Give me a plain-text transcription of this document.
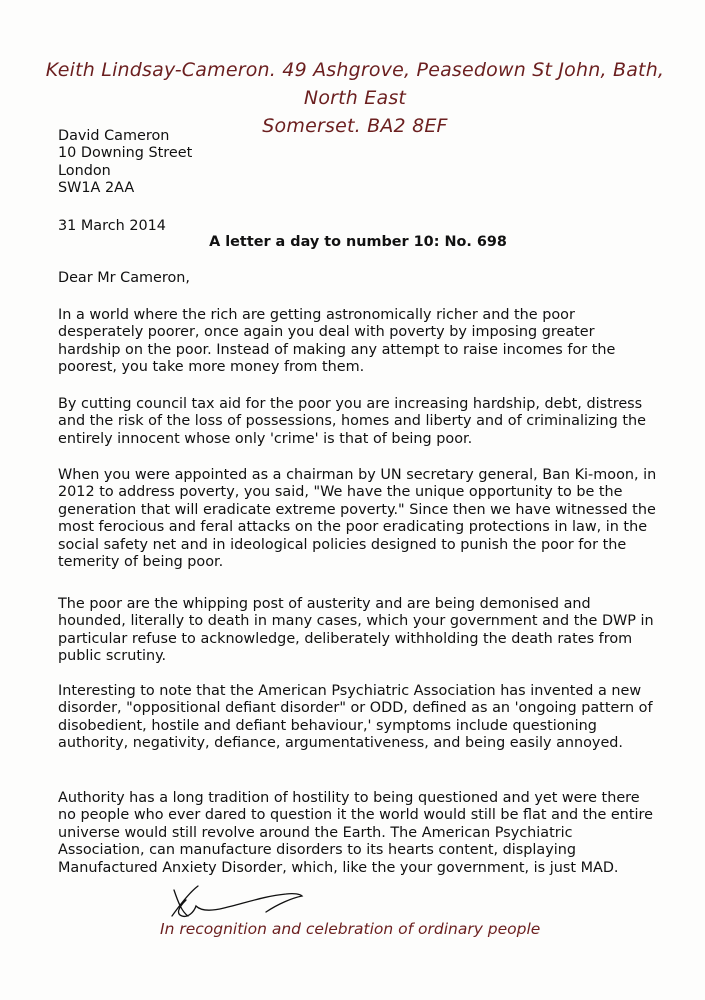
Keith Lindsay-Cameron. 49 Ashgrove, Peasedown St John, Bath, North East
Somerset. BA2 8EF
David Cameron
10 Downing Street
London
SW1A 2AA
31 March 2014
A letter a day to number 10: No. 698
Dear Mr Cameron,

In a world where the rich are getting astronomically richer and the poor desperately poorer, once again you deal with poverty by imposing greater hardship on the poor. Instead of making any attempt to raise incomes for the poorest, you take more money from them.

By cutting council tax aid for the poor you are increasing hardship, debt, distress and the risk of the loss of possessions, homes and liberty and of criminalizing the entirely innocent whose only 'crime' is that of being poor.

When you were appointed as a chairman by UN secretary general, Ban Ki-moon, in 2012 to address poverty, you said, "We have the unique opportunity to be the generation that will eradicate extreme poverty." Since then we have witnessed the most ferocious and feral attacks on the poor eradicating protections in law, in the social safety net and in ideological policies designed to punish the poor for the temerity of being poor.

The poor are the whipping post of austerity and are being demonised and hounded, literally to death in many cases, which your government and the DWP in particular refuse to acknowledge, deliberately withholding the death rates from public scrutiny.

Interesting to note that the American Psychiatric Association has invented a new disorder, "oppositional defiant disorder" or ODD, defined as an 'ongoing pattern of disobedient, hostile and defiant behaviour,' symptoms include questioning authority, negativity, defiance, argumentativeness, and being easily annoyed.

Authority has a long tradition of hostility to being questioned and yet were there no people who ever dared to question it the world would still be flat and the entire universe would still revolve around the Earth. The American Psychiatric Association, can manufacture disorders to its hearts content, displaying Manufactured Anxiety Disorder, which, like the your government, is just MAD.

In recognition and celebration of ordinary people
